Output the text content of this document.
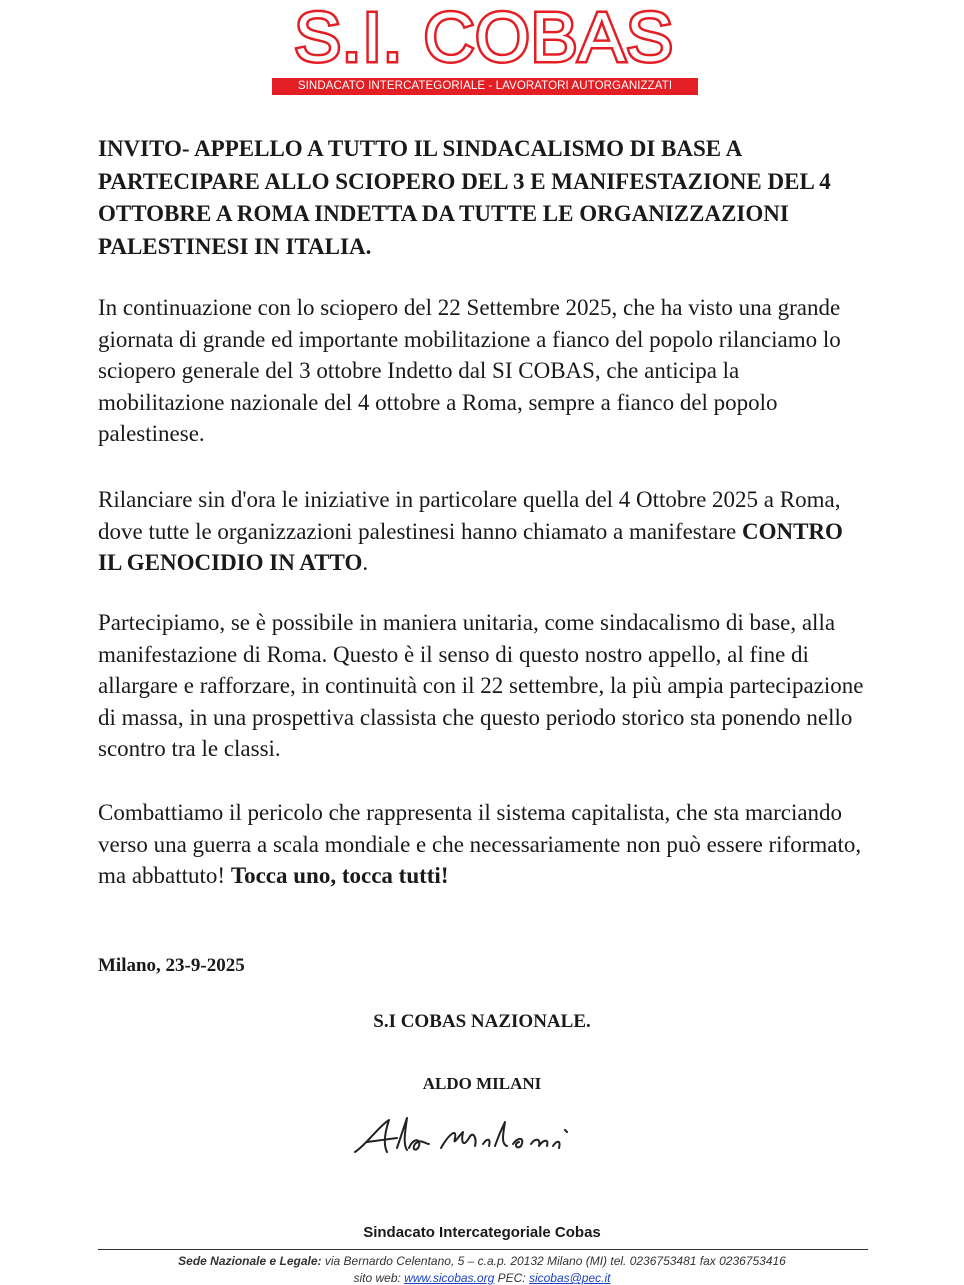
S.I. COBAS
SINDACATO INTERCATEGORIALE - LAVORATORI AUTORGANIZZATI
INVITO- APPELLO A TUTTO IL SINDACALISMO DI BASE A PARTECIPARE ALLO SCIOPERO DEL 3 E MANIFESTAZIONE DEL 4 OTTOBRE A ROMA INDETTA DA TUTTE LE ORGANIZZAZIONI PALESTINESI IN ITALIA.

In continuazione con lo sciopero del 22 Settembre 2025, che ha visto una grande giornata di grande ed importante mobilitazione a fianco del popolo rilanciamo lo sciopero generale del 3 ottobre Indetto dal SI COBAS, che anticipa la mobilitazione nazionale del 4 ottobre a Roma, sempre a fianco del popolo palestinese.

Rilanciare sin d'ora le iniziative in particolare quella del 4 Ottobre 2025 a Roma, dove tutte le organizzazioni palestinesi hanno chiamato a manifestare CONTRO IL GENOCIDIO IN ATTO.

Partecipiamo, se è possibile in maniera unitaria, come sindacalismo di base, alla manifestazione di Roma. Questo è il senso di questo nostro appello, al fine di allargare e rafforzare, in continuità con il 22 settembre, la più ampia partecipazione di massa, in una prospettiva classista che questo periodo storico sta ponendo nello scontro tra le classi.

Combattiamo il pericolo che rappresenta il sistema capitalista, che sta marciando verso una guerra a scala mondiale e che necessariamente non può essere riformato, ma abbattuto! Tocca uno, tocca tutti!

Milano, 23-9-2025
S.I COBAS NAZIONALE.
ALDO MILANI
Sindacato Intercategoriale Cobas
Sede Nazionale e Legale: via Bernardo Celentano, 5 – c.a.p. 20132 Milano (MI) tel. 0236753481 fax 0236753416
sito web: www.sicobas.org PEC: sicobas@pec.it
